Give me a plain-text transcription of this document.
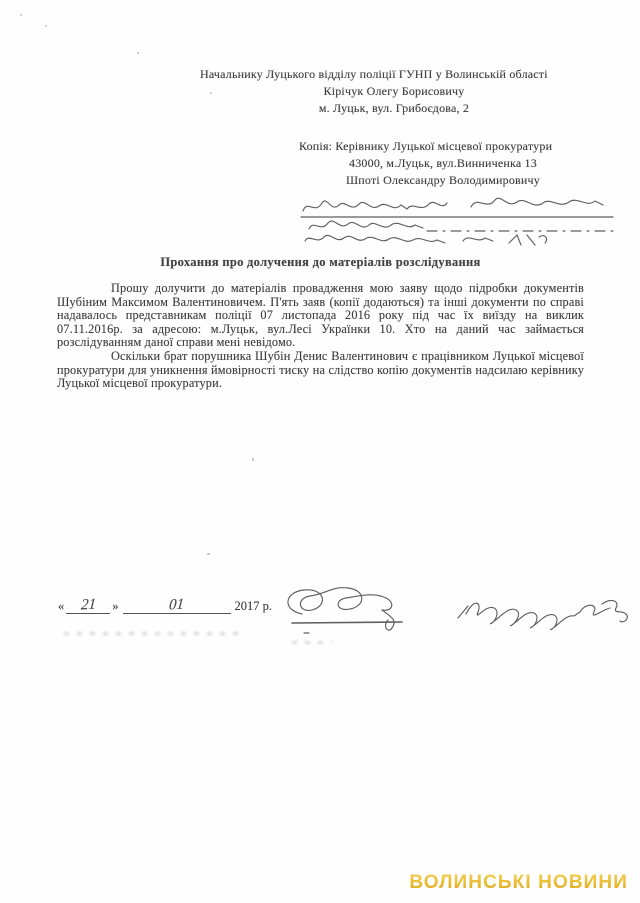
Начальнику Луцького відділу поліції ГУНП у Волинській області
Кірічук Олегу Борисовичу
м. Луцьк, вул. Грибоєдова, 2
Копія: Керівнику Луцької місцевої прокуратури
43000, м.Луцьк, вул.Винниченка 13
Шпоті Олександру Володимировичу
Прохання про долучення до матеріалів розслідування

Прошу долучити до матеріалів провадження мою заяву щодо підробки документів Шубіним Максимом Валентиновичем. П'ять заяв (копії додаються) та інші документи по справі надавалось представникам поліції 07 листопада 2016 року під час їх виїзду на виклик 07.11.2016р. за адресою: м.Луцьк, вул.Лесі Українки 10. Хто на даний час займається розслідуванням даної справи мені невідомо.

Оскільки брат порушника Шубін Денис Валентинович є працівником Луцької місцевої прокуратури для уникнення ймовірності тиску на слідство копію документів надсилаю керівнику Луцької місцевої прокуратури.

«	21	»	01	2017 р.
ВОЛИНСЬКІ НОВИНИ
